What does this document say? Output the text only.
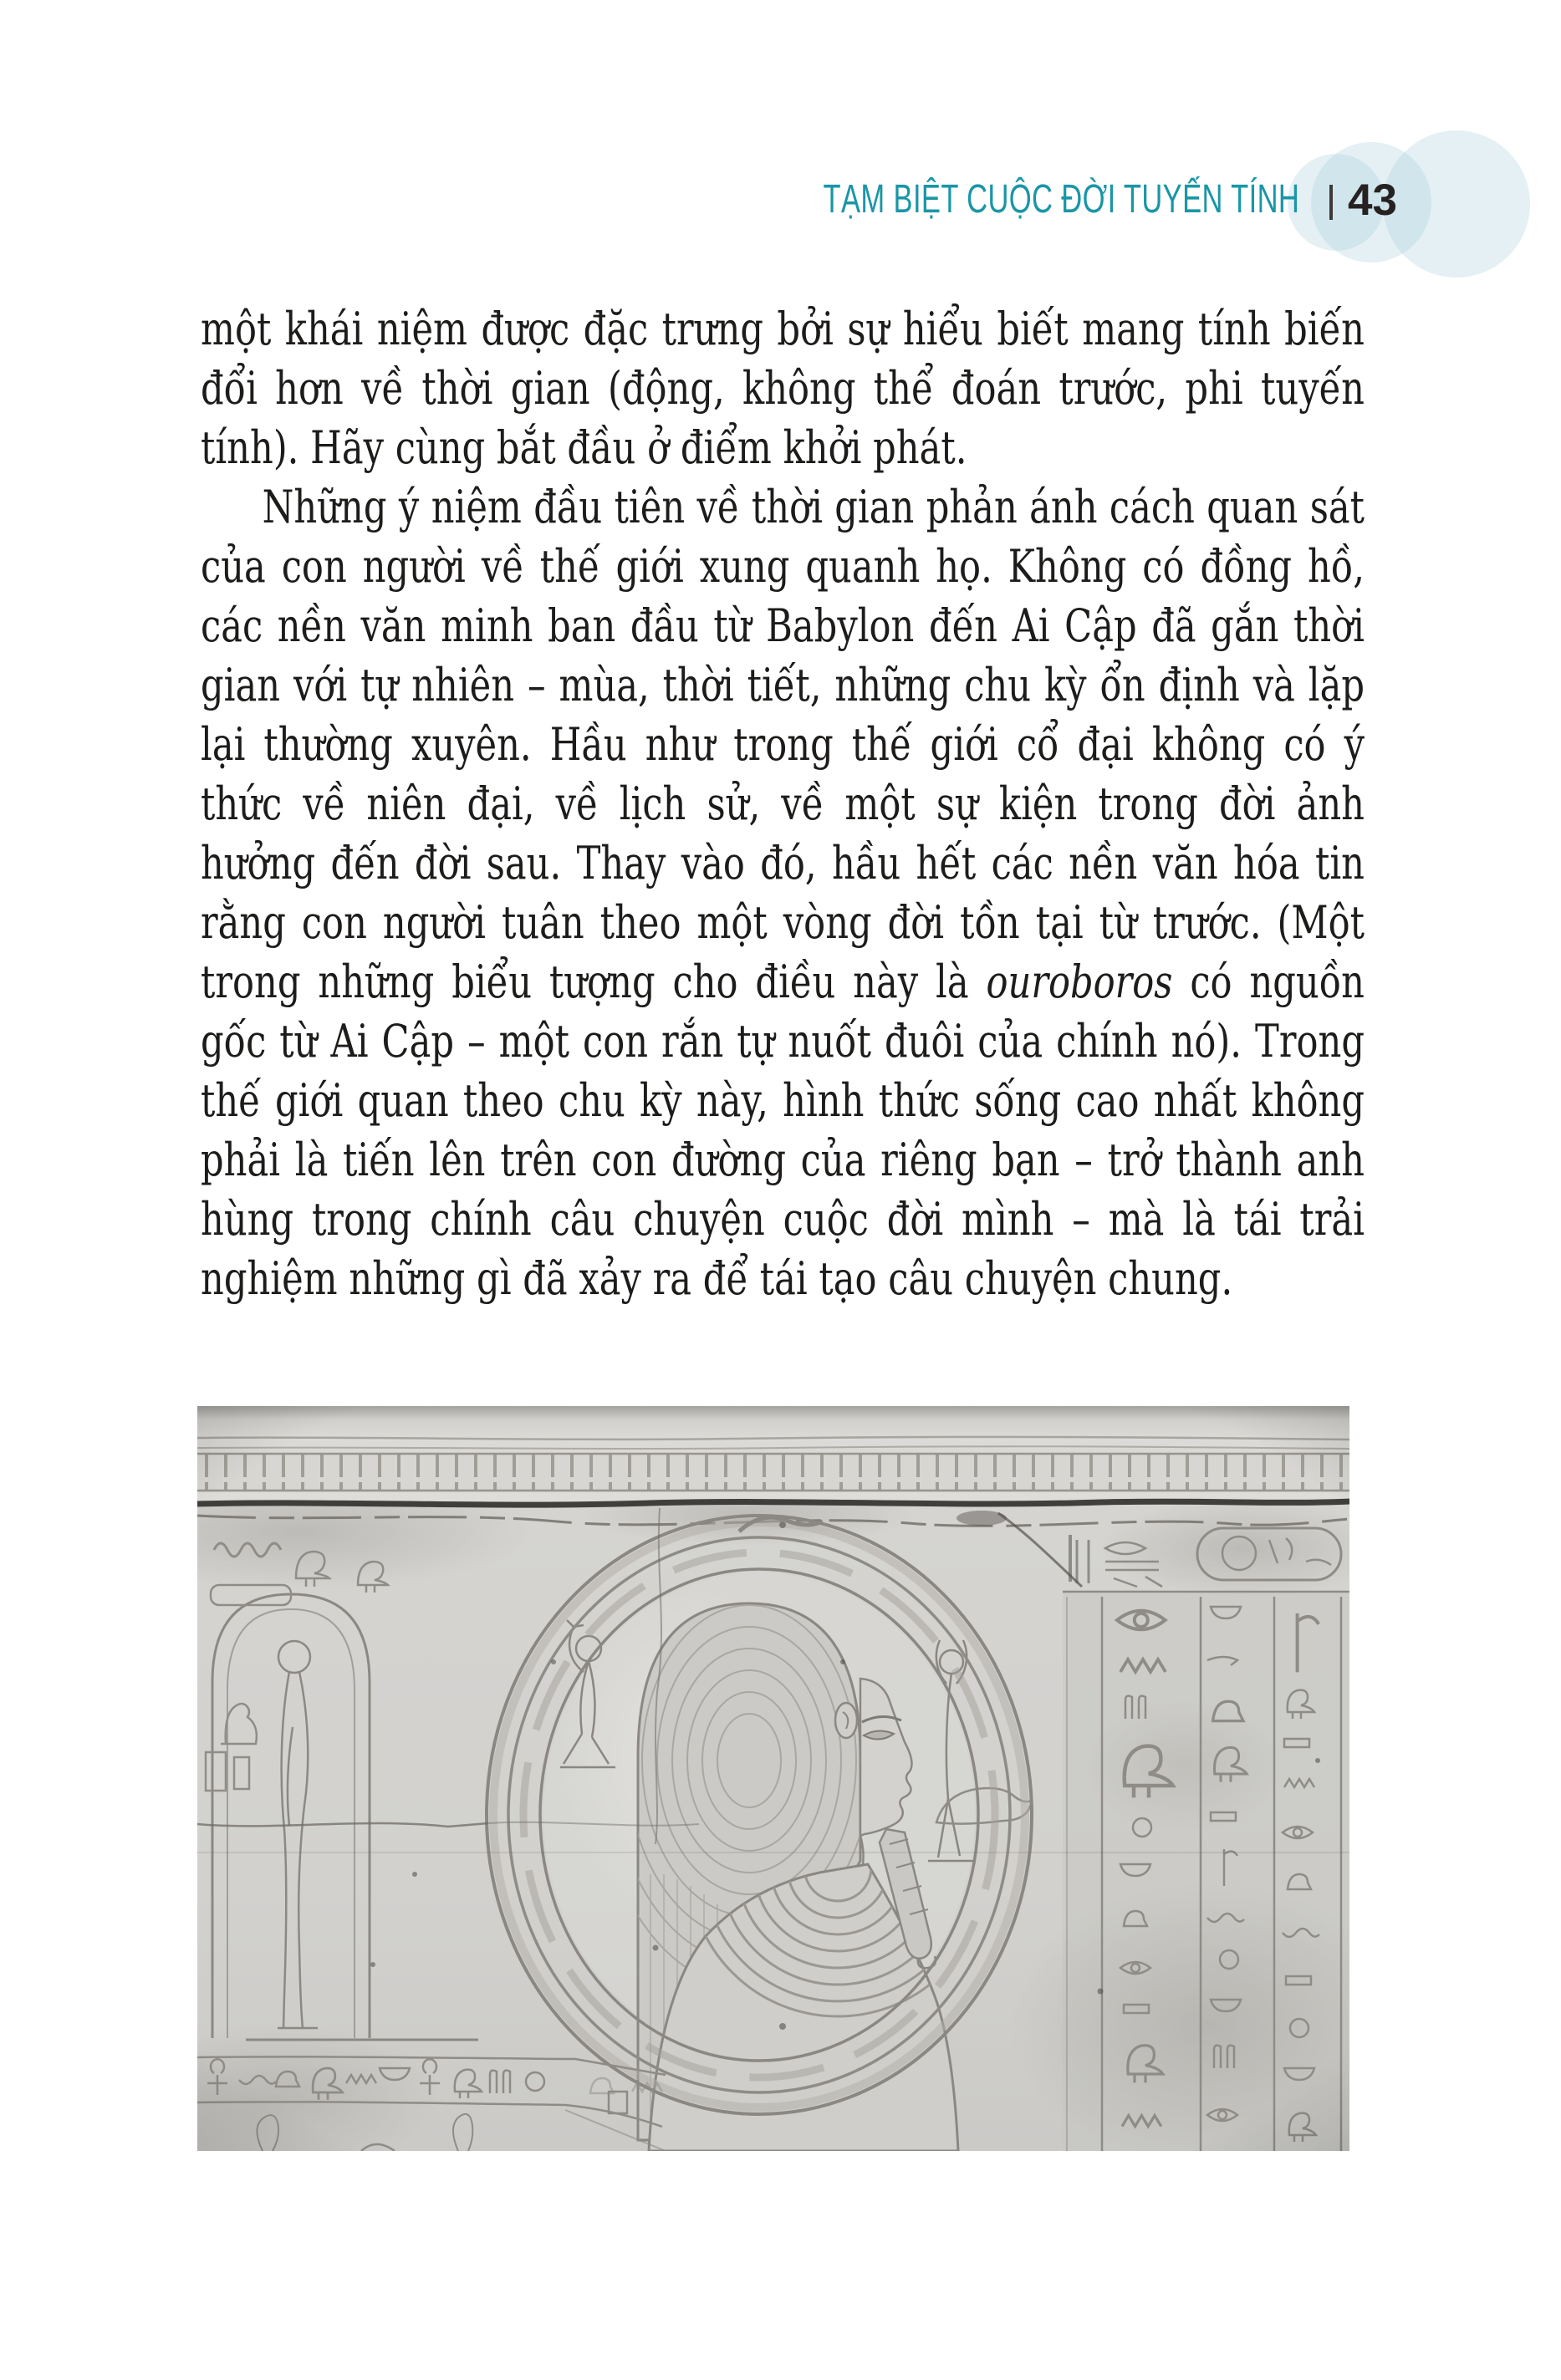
TẠM BIỆT CUỘC ĐỜI TUYẾN TÍNH 43

một khái niệm được đặc trưng bởi sự hiểu biết mang tính biến đổi hơn về thời gian (động, không thể đoán trước, phi tuyến tính). Hãy cùng bắt đầu ở điểm khởi phát.

Những ý niệm đầu tiên về thời gian phản ánh cách quan sát của con người về thế giới xung quanh họ. Không có đồng hồ, các nền văn minh ban đầu từ Babylon đến Ai Cập đã gắn thời gian với tự nhiên – mùa, thời tiết, những chu kỳ ổn định và lặp lại thường xuyên. Hầu như trong thế giới cổ đại không có ý thức về niên đại, về lịch sử, về một sự kiện trong đời ảnh hưởng đến đời sau. Thay vào đó, hầu hết các nền văn hóa tin rằng con người tuân theo một vòng đời tồn tại từ trước. (Một trong những biểu tượng cho điều này là ouroboros có nguồn gốc từ Ai Cập – một con rắn tự nuốt đuôi của chính nó). Trong thế giới quan theo chu kỳ này, hình thức sống cao nhất không phải là tiến lên trên con đường của riêng bạn – trở thành anh hùng trong chính câu chuyện cuộc đời mình – mà là tái trải nghiệm những gì đã xảy ra để tái tạo câu chuyện chung.
